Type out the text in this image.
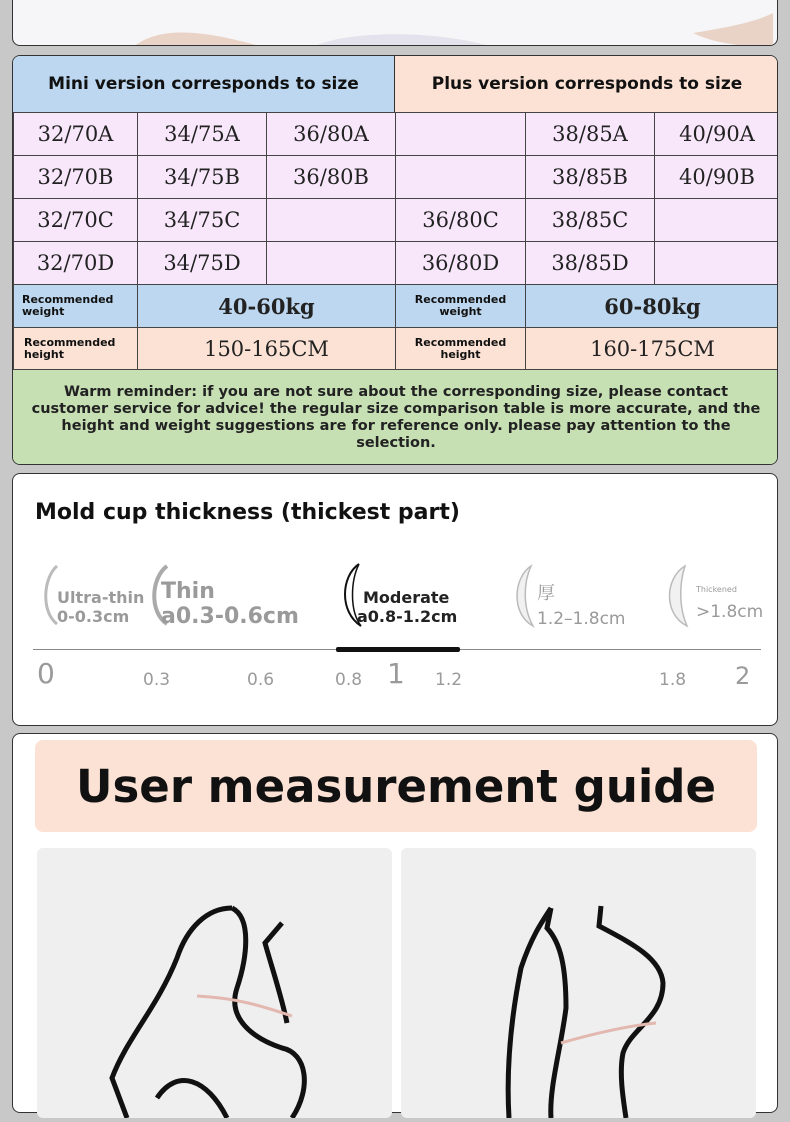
Mini version corresponds to size	Plus version corresponds to size
32/70A	34/75A	36/80A		38/85A	40/90A
32/70B	34/75B	36/80B		38/85B	40/90B
32/70C	34/75C		36/80C	38/85C	
32/70D	34/75D		36/80D	38/85D	

Recommended weight	40-60kg		Recommended weight	60-80kg	

Recommended height	150-165CM		Recommended height	160-175CM	
Warm reminder: if you are not sure about the corresponding size, please contact customer service for advice! the regular size comparison table is more accurate, and the height and weight suggestions are for reference only. please pay attention to the selection.
Mold cup thickness (thickest part)
Ultra-thin
0-0.3cm
Thin
a0.3-0.6cm
Moderate
a0.8-1.2cm
厚
1.2–1.8cm
Thickened
>1.8cm
0	0.3	0.6	0.8 1 1.2	1.8 2
User measurement guide
